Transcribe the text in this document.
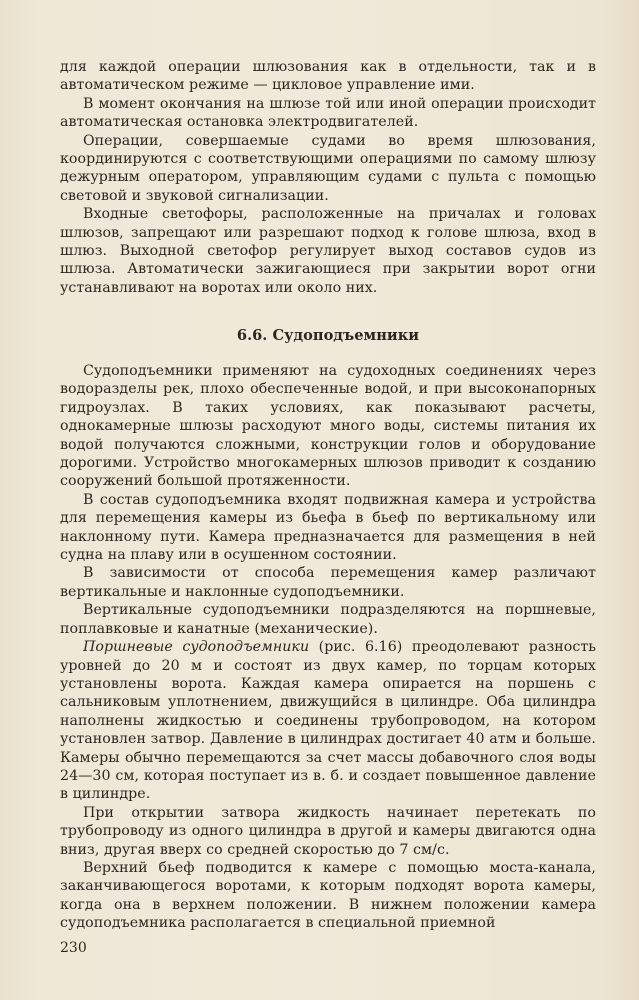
для каждой операции шлюзования как в отдельности, так и в автоматическом режиме — цикловое управление ими.

В момент окончания на шлюзе той или иной операции происходит автоматическая остановка электродвигателей.

Операции, совершаемые судами во время шлюзования, координируются с соответствующими операциями по самому шлюзу дежурным оператором, управляющим судами с пульта с помощью световой и звуковой сигнализации.

Входные светофоры, расположенные на причалах и головах шлюзов, запрещают или разрешают подход к голове шлюза, вход в шлюз. Выходной светофор регулирует выход составов судов из шлюза. Автоматически зажигающиеся при закрытии ворот огни устанавливают на воротах или около них.

6.6. Судоподъемники

Судоподъемники применяют на судоходных соединениях через водоразделы рек, плохо обеспеченные водой, и при высоконапорных гидроузлах. В таких условиях, как показывают расчеты, однокамерные шлюзы расходуют много воды, системы питания их водой получаются сложными, конструкции голов и оборудование дорогими. Устройство многокамерных шлюзов приводит к созданию сооружений большой протяженности.

В состав судоподъемника входят подвижная камера и устройства для перемещения камеры из бьефа в бьеф по вертикальному или наклонному пути. Камера предназначается для размещения в ней судна на плаву или в осушенном состоянии.

В зависимости от способа перемещения камер различают вертикальные и наклонные судоподъемники.

Вертикальные судоподъемники подразделяются на поршневые, поплавковые и канатные (механические).

Поршневые судоподъемники (рис. 6.16) преодолевают разность уровней до 20 м и состоят из двух камер, по торцам которых установлены ворота. Каждая камера опирается на поршень с сальниковым уплотнением, движущийся в цилиндре. Оба цилиндра наполнены жидкостью и соединены трубопроводом, на котором установлен затвор. Давление в цилиндрах достигает 40 атм и больше. Камеры обычно перемещаются за счет массы добавочного слоя воды 24—30 см, которая поступает из в. б. и создает повышенное давление в цилиндре.

При открытии затвора жидкость начинает перетекать по трубопроводу из одного цилиндра в другой и камеры двигаются одна вниз, другая вверх со средней скоростью до 7 см/с.

Верхний бьеф подводится к камере с помощью моста-канала, заканчивающегося воротами, к которым подходят ворота камеры, когда она в верхнем положении. В нижнем положении камера судоподъемника располагается в специальной приемной

230
